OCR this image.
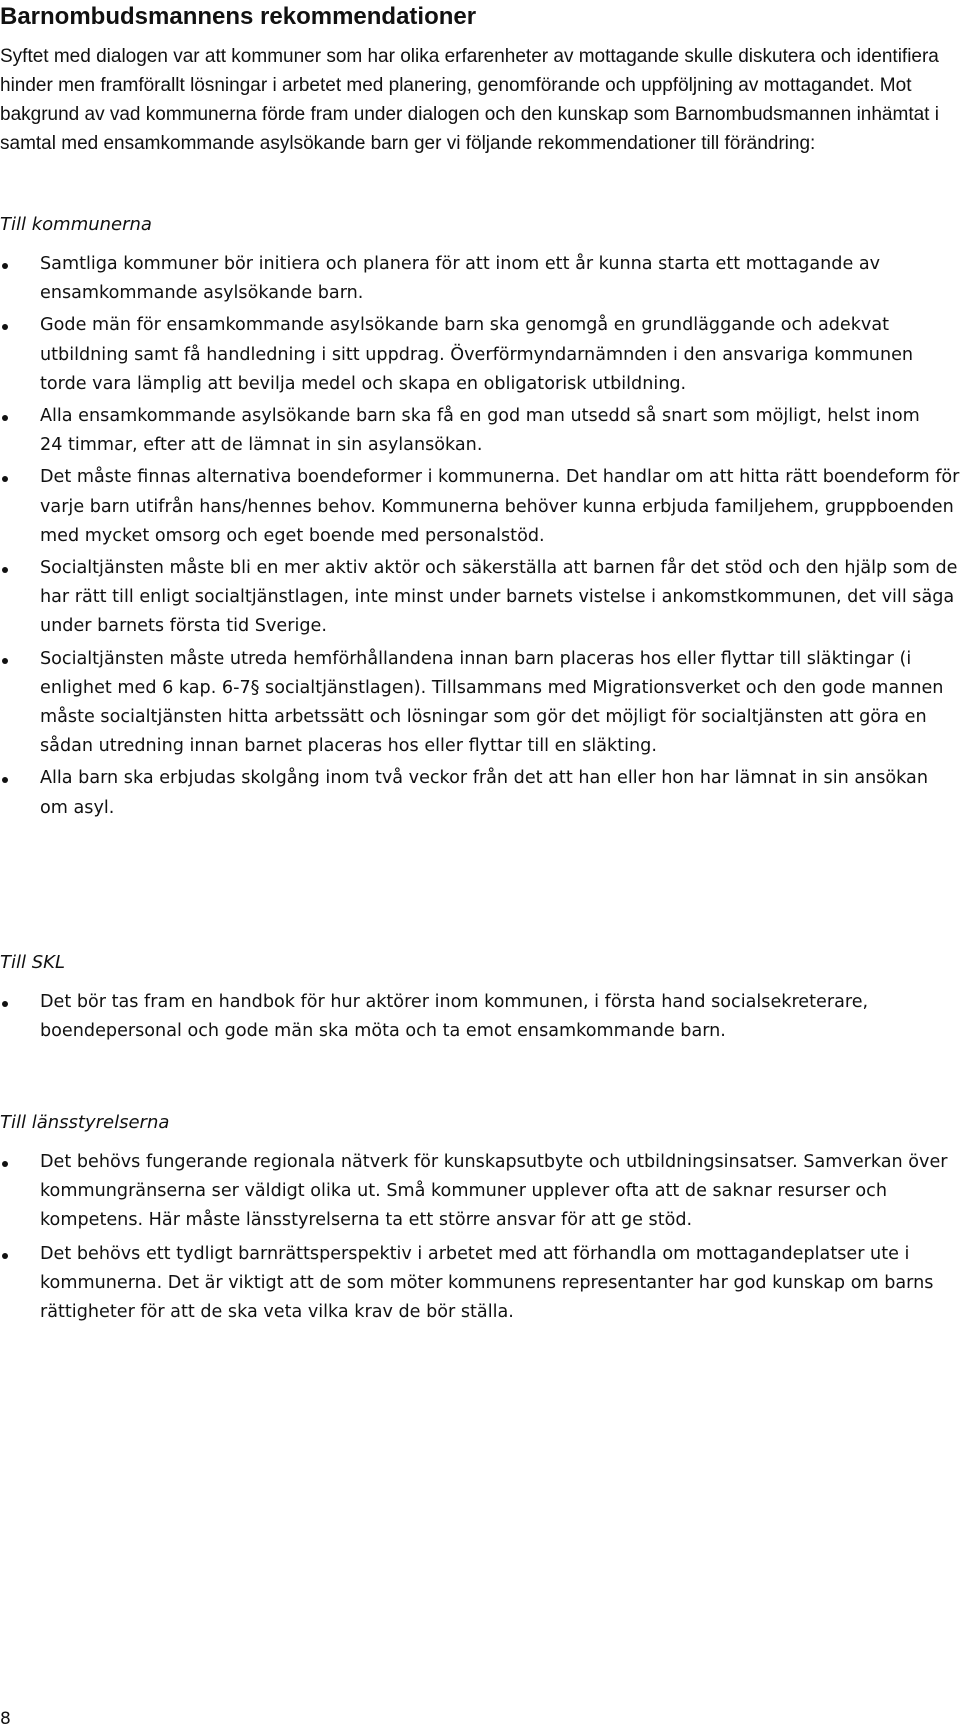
Barnombudsmannens rekommendationer

Syftet med dialogen var att kommuner som har olika erfarenheter av mottagande skulle diskutera och identifiera hinder men framförallt lösningar i arbetet med planering, genomförande och uppföljning av mottagandet. Mot bakgrund av vad kommunerna förde fram under dialogen och den kunskap som Barnombudsmannen inhämtat i samtal med ensamkommande asylsökande barn ger vi följande rekommendationer till förändring:

Till kommunerna
Samtliga kommuner bör initiera och planera för att inom ett år kunna starta ett mottagande av ensamkommande asylsökande barn.
Gode män för ensamkommande asylsökande barn ska genomgå en grundläggande och adekvat utbildning samt få handledning i sitt uppdrag. Överförmyndarnämnden i den ansvariga kommunen torde vara lämplig att bevilja medel och skapa en obligatorisk utbildning.
Alla ensamkommande asylsökande barn ska få en god man utsedd så snart som möjligt, helst inom 24 timmar, efter att de lämnat in sin asylansökan.
Det måste finnas alternativa boendeformer i kommunerna. Det handlar om att hitta rätt boendeform för varje barn utifrån hans/hennes behov. Kommunerna behöver kunna erbjuda familjehem, gruppboenden med mycket omsorg och eget boende med personalstöd.
Socialtjänsten måste bli en mer aktiv aktör och säkerställa att barnen får det stöd och den hjälp som de har rätt till enligt socialtjänstlagen, inte minst under barnets vistelse i ankomstkommunen, det vill säga under barnets första tid Sverige.
Socialtjänsten måste utreda hemförhållandena innan barn placeras hos eller flyttar till släktingar (i enlighet med 6 kap. 6-7§ socialtjänstlagen). Tillsammans med Migrationsverket och den gode mannen måste socialtjänsten hitta arbetssätt och lösningar som gör det möjligt för socialtjänsten att göra en sådan utredning innan barnet placeras hos eller flyttar till en släkting.
Alla barn ska erbjudas skolgång inom två veckor från det att han eller hon har lämnat in sin ansökan om asyl.
Till SKL
Det bör tas fram en handbok för hur aktörer inom kommunen, i första hand socialsekreterare, boendepersonal och gode män ska möta och ta emot ensamkommande barn.
Till länsstyrelserna
Det behövs fungerande regionala nätverk för kunskapsutbyte och utbildningsinsatser. Samverkan över kommungränserna ser väldigt olika ut. Små kommuner upplever ofta att de saknar resurser och kompetens. Här måste länsstyrelserna ta ett större ansvar för att ge stöd.
Det behövs ett tydligt barnrättsperspektiv i arbetet med att förhandla om mottagandeplatser ute i kommunerna. Det är viktigt att de som möter kommunens representanter har god kunskap om barns rättigheter för att de ska veta vilka krav de bör ställa.
8
